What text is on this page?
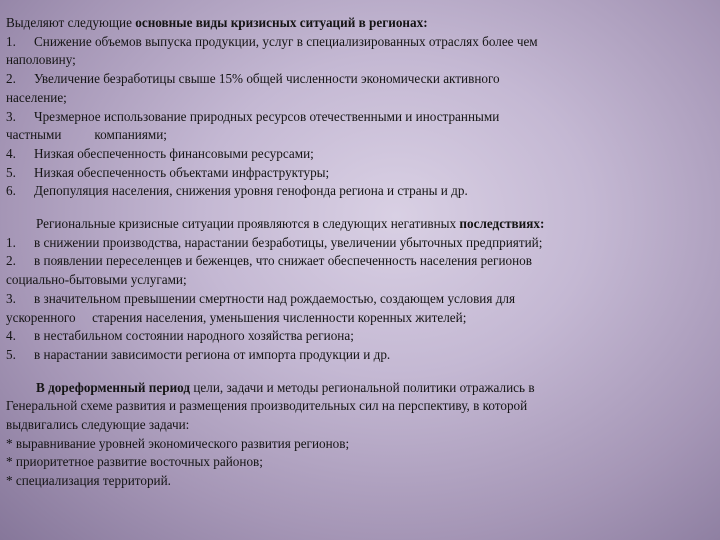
Выделяют следующие основные виды кризисных ситуаций в регионах:

1. Снижение объемов выпуска продукции, услуг в специализированных отраслях более чем

наполовину;

2. Увеличение безработицы свыше 15% общей численности экономически активного

население;

3. Чрезмерное использование природных ресурсов отечественными и иностранными

частными          компаниями;

4. Низкая обеспеченность финансовыми ресурсами;

5. Низкая обеспеченность объектами инфраструктуры;

6. Депопуляция населения, снижения уровня генофонда региона и страны и др.

Региональные кризисные ситуации проявляются в следующих негативных последствиях:

1. в снижении производства, нарастании безработицы, увеличении убыточных предприятий;

2. в появлении переселенцев и беженцев, что снижает обеспеченность населения регионов

социально-бытовыми услугами;

3. в значительном превышении смертности над рождаемостью, создающем условия для

ускоренного     старения населения, уменьшения численности коренных жителей;

4. в нестабильном состоянии народного хозяйства региона;

5. в нарастании зависимости региона от импорта продукции и др.

В дореформенный период цели, задачи и методы региональной политики отражались в

Генеральной схеме развития и размещения производительных сил на перспективу, в которой

выдвигались следующие задачи:

* выравнивание уровней экономического развития регионов;

* приоритетное развитие восточных районов;

* специализация территорий.
